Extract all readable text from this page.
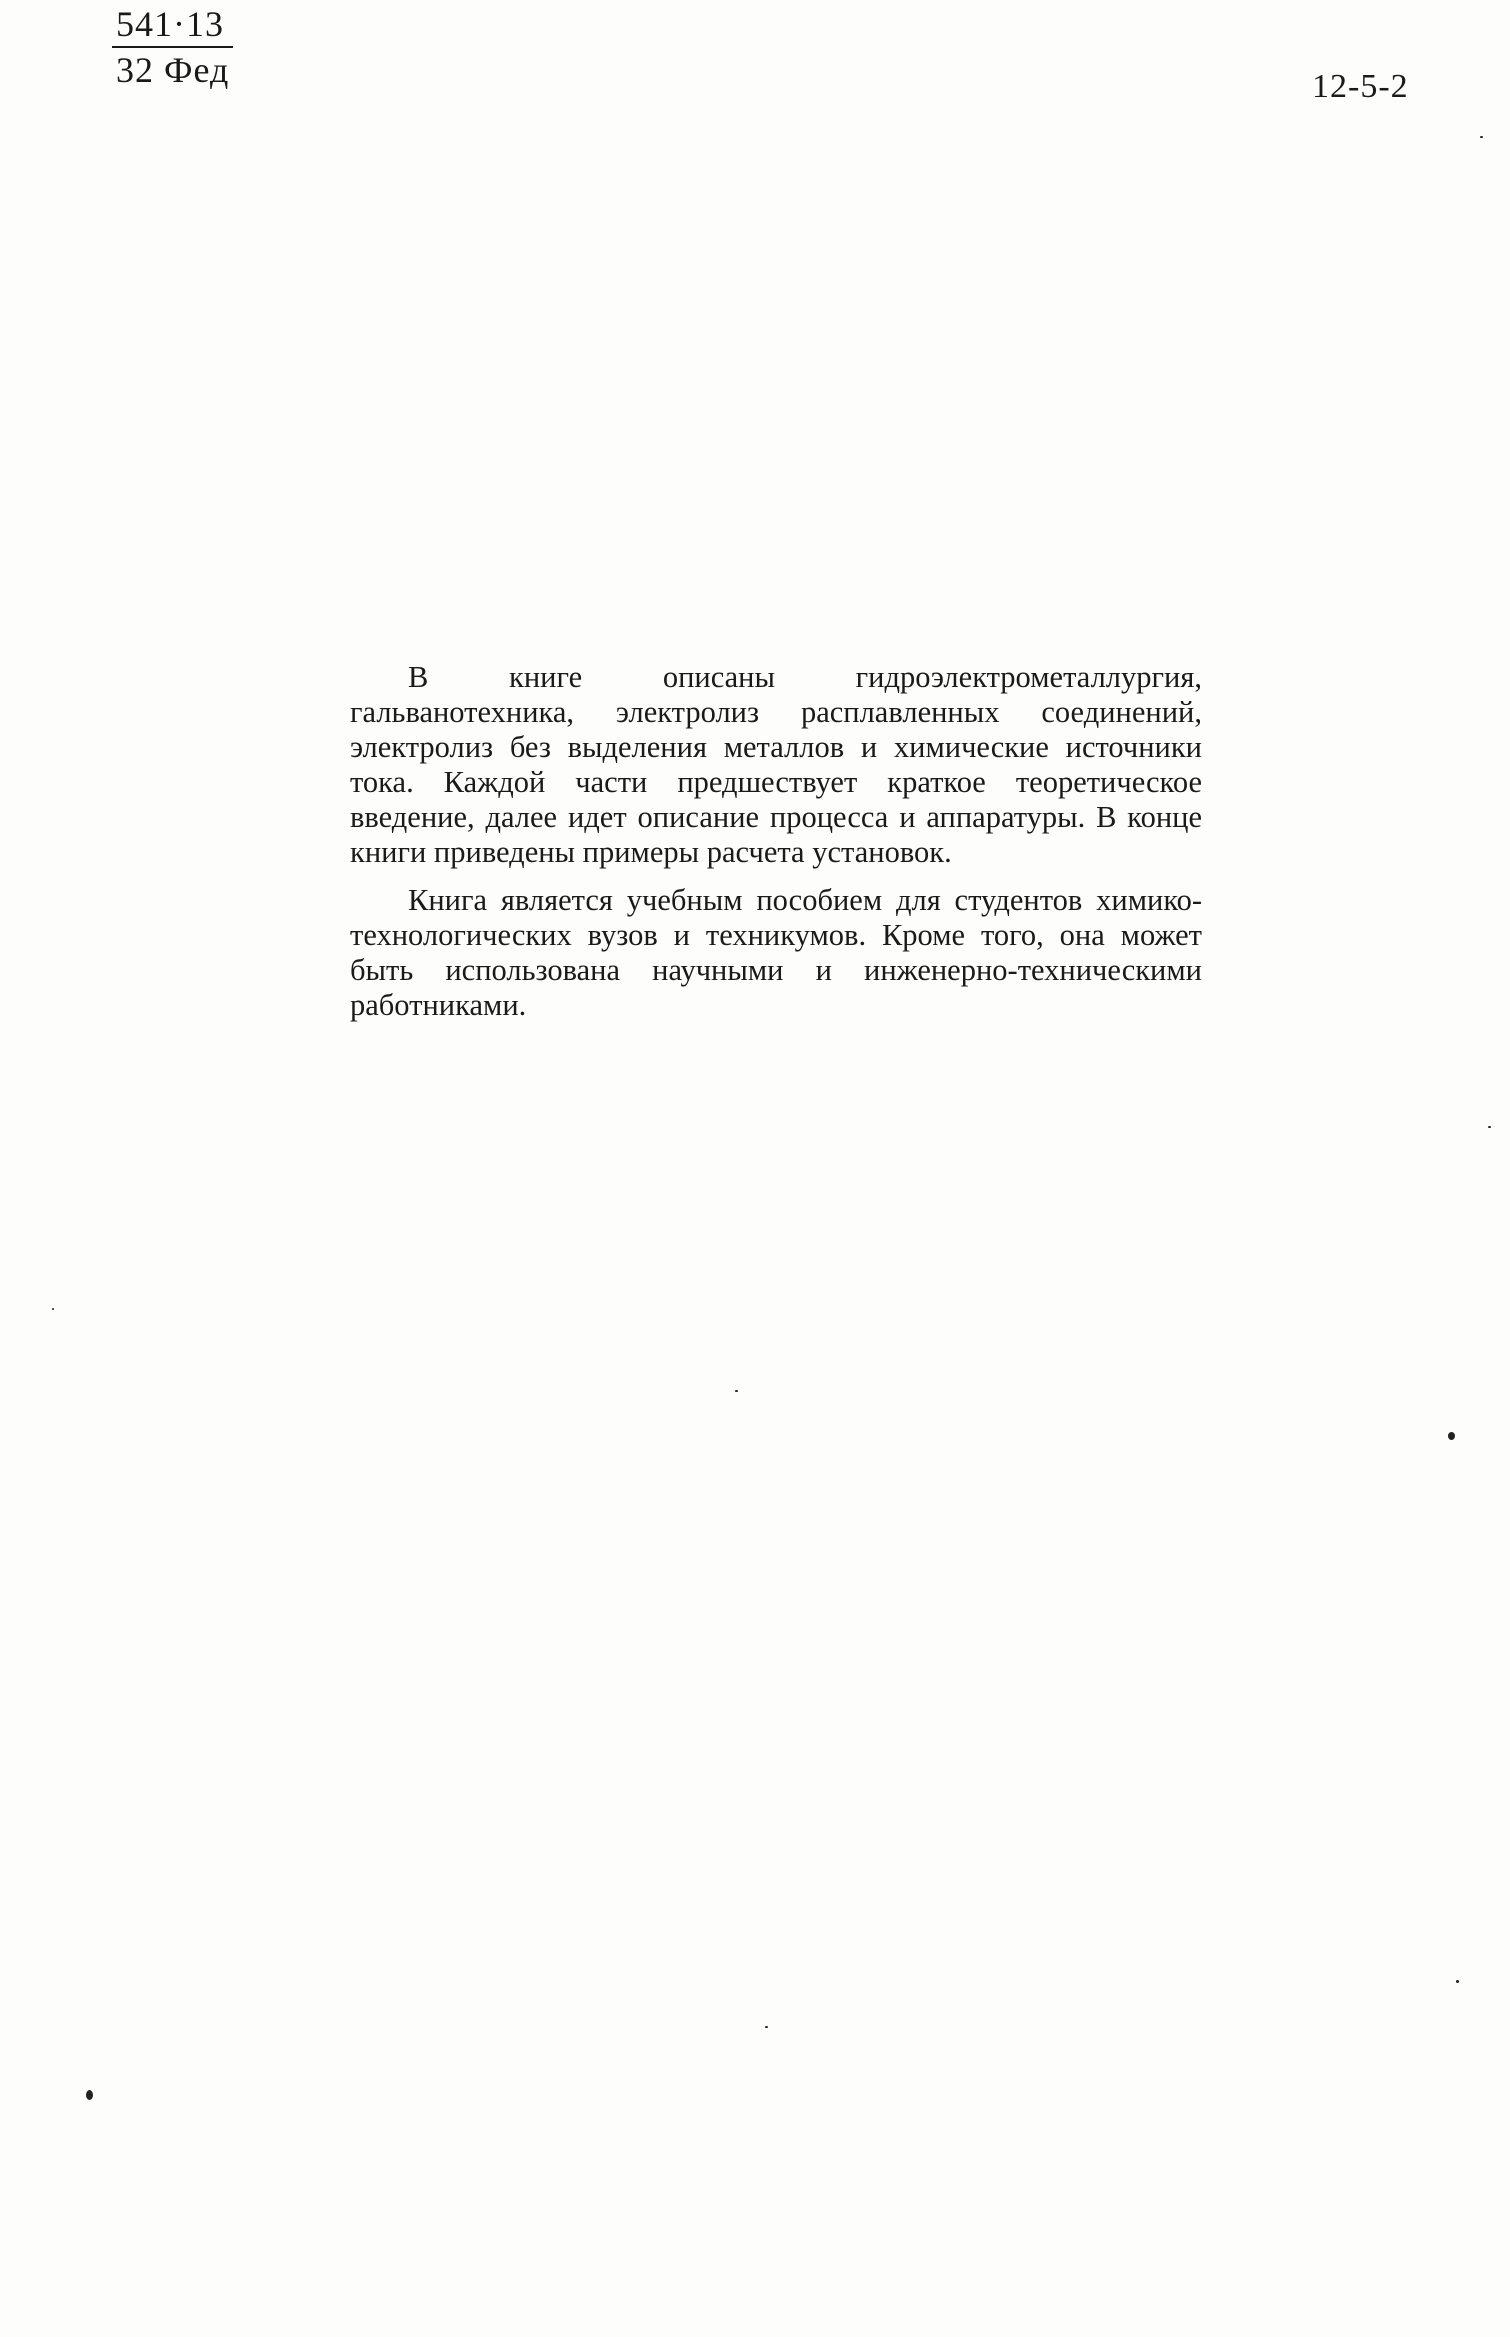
541·13
32 Фед	12-5-2

В книге описаны гидроэлектрометаллургия, гальванотехника, электролиз расплавленных соединений, электролиз без выделения металлов и химические источники тока. Каждой части предшествует краткое теоретическое введение, далее идет описание процесса и аппаратуры. В конце книги приведены примеры расчета установок.

Книга является учебным пособием для студентов химико-технологических вузов и техникумов. Кроме того, она может быть использована научными и инженерно-техническими работниками.
